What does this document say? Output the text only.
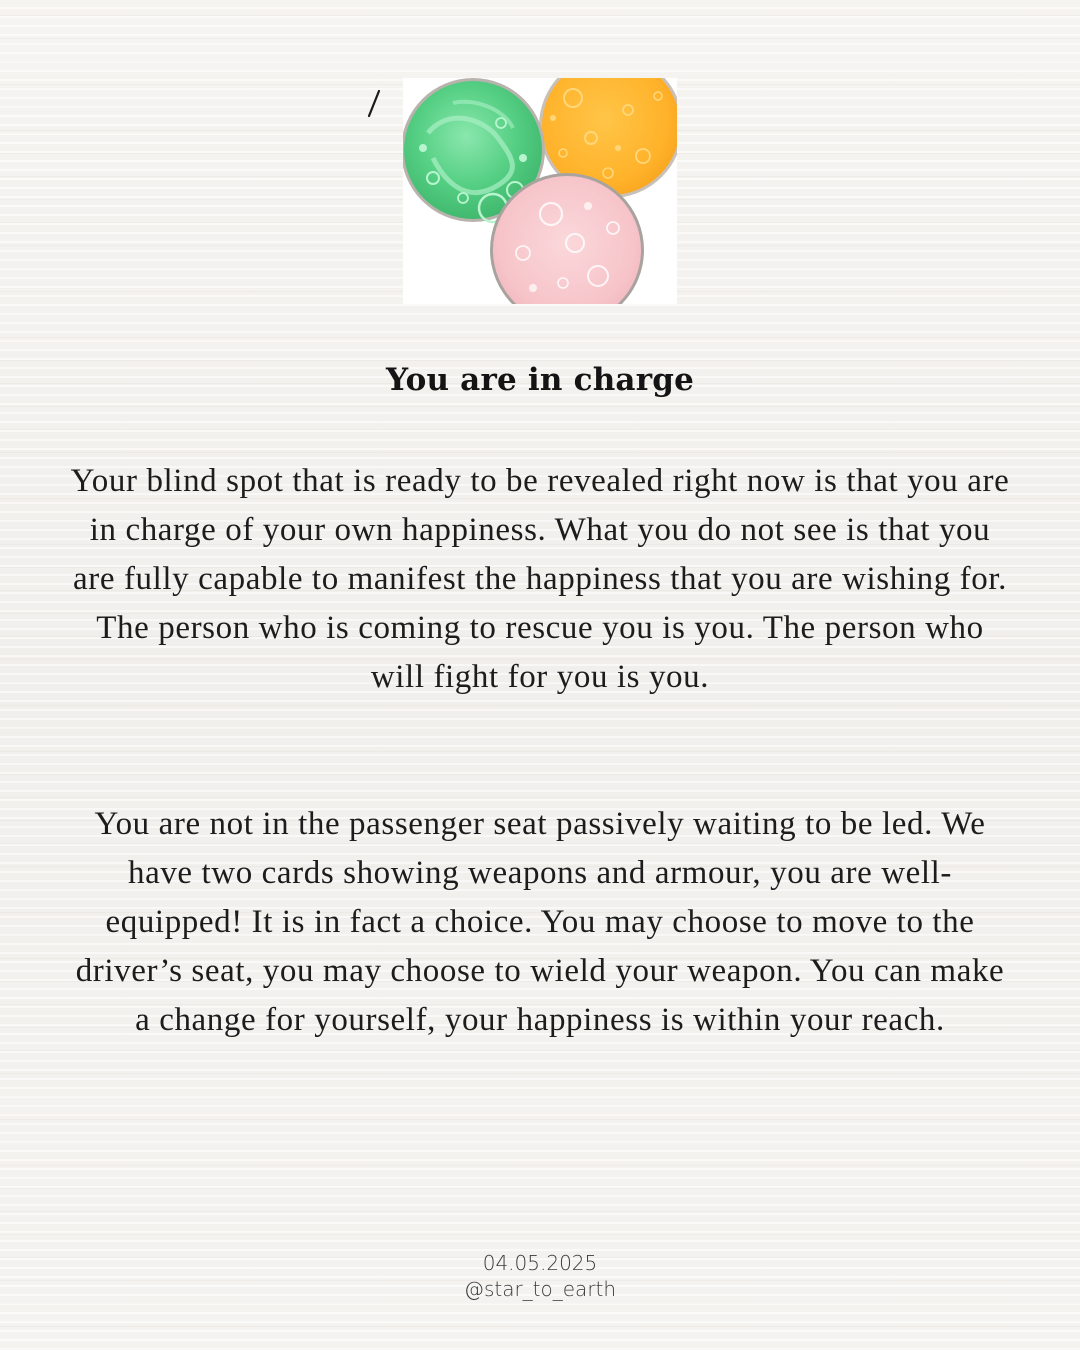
You are in charge

Your blind spot that is ready to be revealed right now is that you are in charge of your own happiness. What you do not see is that you are fully capable to manifest the happiness that you are wishing for. The person who is coming to rescue you is you. The person who will fight for you is you.

You are not in the passenger seat passively waiting to be led. We have two cards showing weapons and armour, you are well-equipped! It is in fact a choice. You may choose to move to the driver’s seat, you may choose to wield your weapon. You can make a change for yourself, your happiness is within your reach.

04.05.2025
@star_to_earth
